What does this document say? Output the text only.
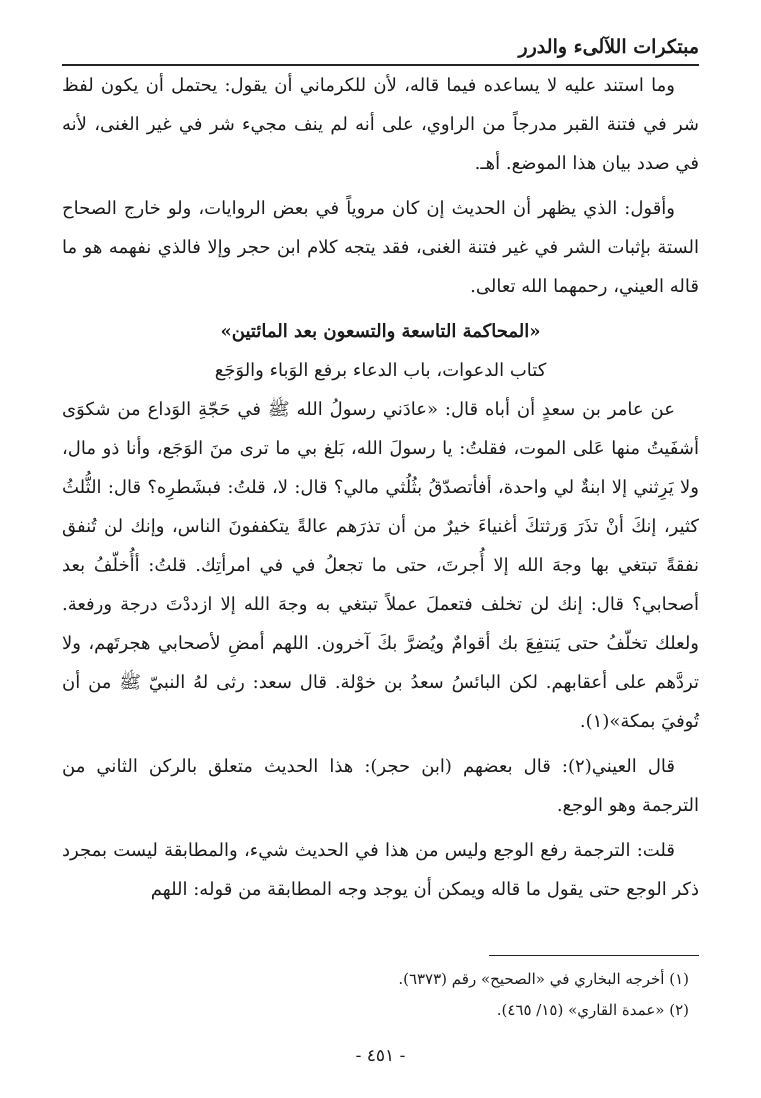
مبتكرات اللآلىء والدرر

وما استند عليه لا يساعده فيما قاله، لأن للكرماني أن يقول: يحتمل أن يكون لفظ شر في فتنة القبر مدرجاً من الراوي، على أنه لم ينف مجيء شر في غير الغنى، لأنه في صدد بيان هذا الموضع. أهـ.

وأقول: الذي يظهر أن الحديث إن كان مروياً في بعض الروايات، ولو خارج الصحاح الستة بإثبات الشر في غير فتنة الغنى، فقد يتجه كلام ابن حجر وإلا فالذي نفهمه هو ما قاله العيني، رحمهما الله تعالى.

«المحاكمة التاسعة والتسعون بعد المائتين»

كتاب الدعوات، باب الدعاء برفع الوَباء والوَجَع

عن عامر بن سعدٍ أن أباه قال: «عادَني رسولُ الله ﷺ في حَجّةِ الوَداع من شكوَى أشفَيتُ منها عَلى الموت، فقلتُ: يا رسولَ الله، بَلغ بي ما ترى منَ الوَجَع، وأنا ذو مال، ولا يَرِثني إلا ابنةٌ لي واحدة، أفأتصدّقُ بثُلُثي مالي؟ قال: لا، قلتُ: فبشَطرِه؟ قال: الثُّلثُ كثير، إنكَ أنْ تذَرَ وَرثتكَ أغنياءَ خيرٌ من أن تذرَهم عالةً يتكففونَ الناس، وإنك لن تُنفق نفقةً تبتغي بها وجهَ الله إلا أُجرتَ، حتى ما تجعلُ في في امرأتِك. قلتُ: أأُخلّفُ بعد أصحابي؟ قال: إنك لن تخلف فتعملَ عملاً تبتغي به وجهَ الله إلا ازددْتَ درجة ورفعة. ولعلك تخلّفُ حتى يَنتفِعَ بك أقوامٌ ويُضرَّ بكَ آخرون. اللهم أمضِ لأصحابي هجرتَهم، ولا تردَّهم على أعقابهم. لكن البائسُ سعدُ بن خوْلة. قال سعد: رثى لهُ النبيّ ﷺ من أن تُوفيَ بمكة»(١).

قال العيني(٢): قال بعضهم (ابن حجر): هذا الحديث متعلق بالركن الثاني من الترجمة وهو الوجع.

قلت: الترجمة رفع الوجع وليس من هذا في الحديث شيء، والمطابقة ليست بمجرد ذكر الوجع حتى يقول ما قاله ويمكن أن يوجد وجه المطابقة من قوله: اللهم

(١) أخرجه البخاري في «الصحيح» رقم (٦٣٧٣).

(٢) «عمدة القاري» (١٥/ ٤٦٥).

- ٤٥١ -
